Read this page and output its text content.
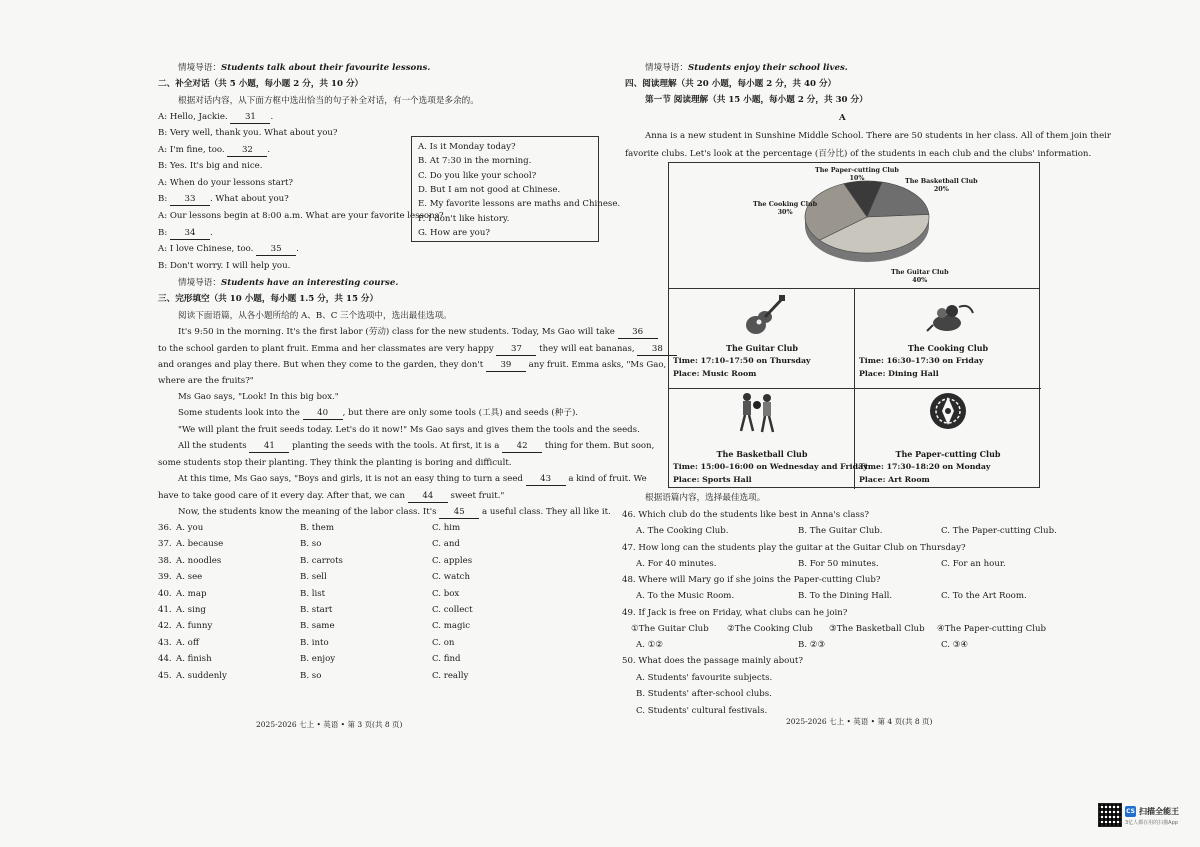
情境导语：Students talk about their favourite lessons.
二、补全对话（共 5 小题，每小题 2 分，共 10 分）
根据对话内容，从下面方框中选出恰当的句子补全对话，有一个选项是多余的。
A: Hello, Jackie. 31 .
B: Very well, thank you. What about you?
A: I'm fine, too. 32 .
B: Yes. It's big and nice.
A: When do your lessons start?
B: 33 . What about you?
A: Our lessons begin at 8:00 a.m. What are your favorite lessons?
B: 34 .
A: I love Chinese, too. 35 .
B: Don't worry. I will help you.
A. Is it Monday today?
B. At 7:30 in the morning.
C. Do you like your school?
D. But I am not good at Chinese.
E. My favorite lessons are maths and Chinese.
F. I don't like history.
G. How are you?
情境导语：Students have an interesting course.
三、完形填空（共 10 小题，每小题 1.5 分，共 15 分）
阅读下面语篇，从各小题所给的 A、B、C 三个选项中，选出最佳选项。
It's 9:50 in the morning. It's the first labor (劳动) class for the new students. Today, Ms Gao will take 36
to the school garden to plant fruit. Emma and her classmates are very happy 37 they will eat bananas, 38
and oranges and play there. But when they come to the garden, they don't 39 any fruit. Emma asks, "Ms Gao,
where are the fruits?"
Ms Gao says, "Look! In this big box."
Some students look into the 40 , but there are only some tools (工具) and seeds (种子).
"We will plant the fruit seeds today. Let's do it now!" Ms Gao says and gives them the tools and the seeds.
All the students 41 planting the seeds with the tools. At first, it is a 42 thing for them. But soon,
some students stop their planting. They think the planting is boring and difficult.
At this time, Ms Gao says, "Boys and girls, it is not an easy thing to turn a seed 43 a kind of fruit. We
have to take good care of it every day. After that, we can 44 sweet fruit."
Now, the students know the meaning of the labor class. It's 45 a useful class. They all like it.
36. A. you	B. them	C. him
37. A. because	B. so	C. and
38. A. noodles	B. carrots	C. apples
39. A. see	B. sell	C. watch
40. A. map	B. list	C. box
41. A. sing	B. start	C. collect
42. A. funny	B. same	C. magic
43. A. off	B. into	C. on
44. A. finish	B. enjoy	C. find
45. A. suddenly	B. so	C. really
2025-2026 七上 • 英语 • 第 3 页(共 8 页)
情境导语：Students enjoy their school lives.
四、阅读理解（共 20 小题，每小题 2 分，共 40 分）
第一节 阅读理解（共 15 小题，每小题 2 分，共 30 分）
A
Anna is a new student in Sunshine Middle School. There are 50 students in her class. All of them join their
favorite clubs. Let's look at the percentage (百分比) of the students in each club and the clubs' information.
The Paper-cutting Club
10%	The Basketball Club
20%
The Guitar Club
40%
The Cooking Club
30%
The Guitar Club
Time: 17:10–17:50 on Thursday
Place: Music Room
The Cooking Club
Time: 16:30–17:30 on Friday
Place: Dining Hall
The Basketball Club
Time: 15:00–16:00 on Wednesday and Friday
Place: Sports Hall
The Paper-cutting Club
Time: 17:30–18:20 on Monday
Place: Art Room
根据语篇内容，选择最佳选项。
46. Which club do the students like best in Anna's class?
A. The Cooking Club.	B. The Guitar Club.	C. The Paper-cutting Club.
47. How long can the students play the guitar at the Guitar Club on Thursday?
A. For 40 minutes.	B. For 50 minutes.	C. For an hour.
48. Where will Mary go if she joins the Paper-cutting Club?
A. To the Music Room.	B. To the Dining Hall.	C. To the Art Room.
49. If Jack is free on Friday, what clubs can he join?
①The Guitar Club ②The Cooking Club ③The Basketball Club ④The Paper-cutting Club
A. ①②	B. ②③	C. ③④
50. What does the passage mainly about?
A. Students' favourite subjects.
B. Students' after-school clubs.
C. Students' cultural festivals.
2025-2026 七上 • 英语 • 第 4 页(共 8 页)
CS 扫描全能王
3亿人都在用的扫描App
